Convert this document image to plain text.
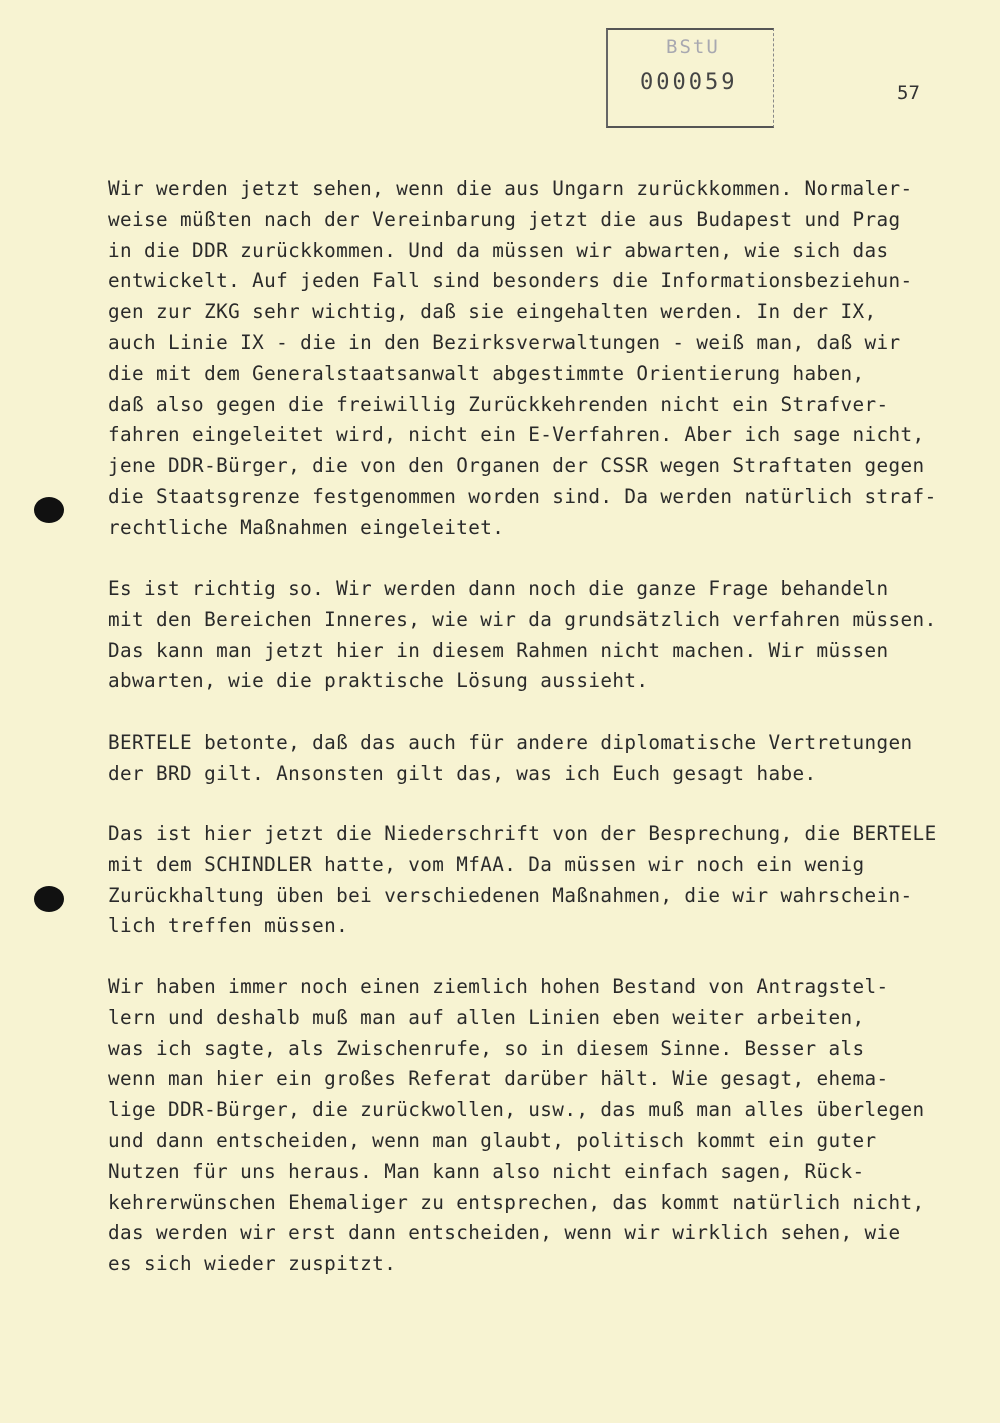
BStU
000059	57

Wir werden jetzt sehen, wenn die aus Ungarn zurückkommen. Normaler-
weise müßten nach der Vereinbarung jetzt die aus Budapest und Prag
in die DDR zurückkommen. Und da müssen wir abwarten, wie sich das
entwickelt. Auf jeden Fall sind besonders die Informationsbeziehun-
gen zur ZKG sehr wichtig, daß sie eingehalten werden. In der IX,
auch Linie IX - die in den Bezirksverwaltungen - weiß man, daß wir
die mit dem Generalstaatsanwalt abgestimmte Orientierung haben,
daß also gegen die freiwillig Zurückkehrenden nicht ein Strafver-
fahren eingeleitet wird, nicht ein E-Verfahren. Aber ich sage nicht,
jene DDR-Bürger, die von den Organen der CSSR wegen Straftaten gegen
die Staatsgrenze festgenommen worden sind. Da werden natürlich straf-
rechtliche Maßnahmen eingeleitet.

Es ist richtig so. Wir werden dann noch die ganze Frage behandeln
mit den Bereichen Inneres, wie wir da grundsätzlich verfahren müssen.
Das kann man jetzt hier in diesem Rahmen nicht machen. Wir müssen
abwarten, wie die praktische Lösung aussieht.

BERTELE betonte, daß das auch für andere diplomatische Vertretungen
der BRD gilt. Ansonsten gilt das, was ich Euch gesagt habe.

Das ist hier jetzt die Niederschrift von der Besprechung, die BERTELE
mit dem SCHINDLER hatte, vom MfAA. Da müssen wir noch ein wenig
Zurückhaltung üben bei verschiedenen Maßnahmen, die wir wahrschein-
lich treffen müssen.

Wir haben immer noch einen ziemlich hohen Bestand von Antragstel-
lern und deshalb muß man auf allen Linien eben weiter arbeiten,
was ich sagte, als Zwischenrufe, so in diesem Sinne. Besser als
wenn man hier ein großes Referat darüber hält. Wie gesagt, ehema-
lige DDR-Bürger, die zurückwollen, usw., das muß man alles überlegen
und dann entscheiden, wenn man glaubt, politisch kommt ein guter
Nutzen für uns heraus. Man kann also nicht einfach sagen, Rück-
kehrerwünschen Ehemaliger zu entsprechen, das kommt natürlich nicht,
das werden wir erst dann entscheiden, wenn wir wirklich sehen, wie
es sich wieder zuspitzt.
